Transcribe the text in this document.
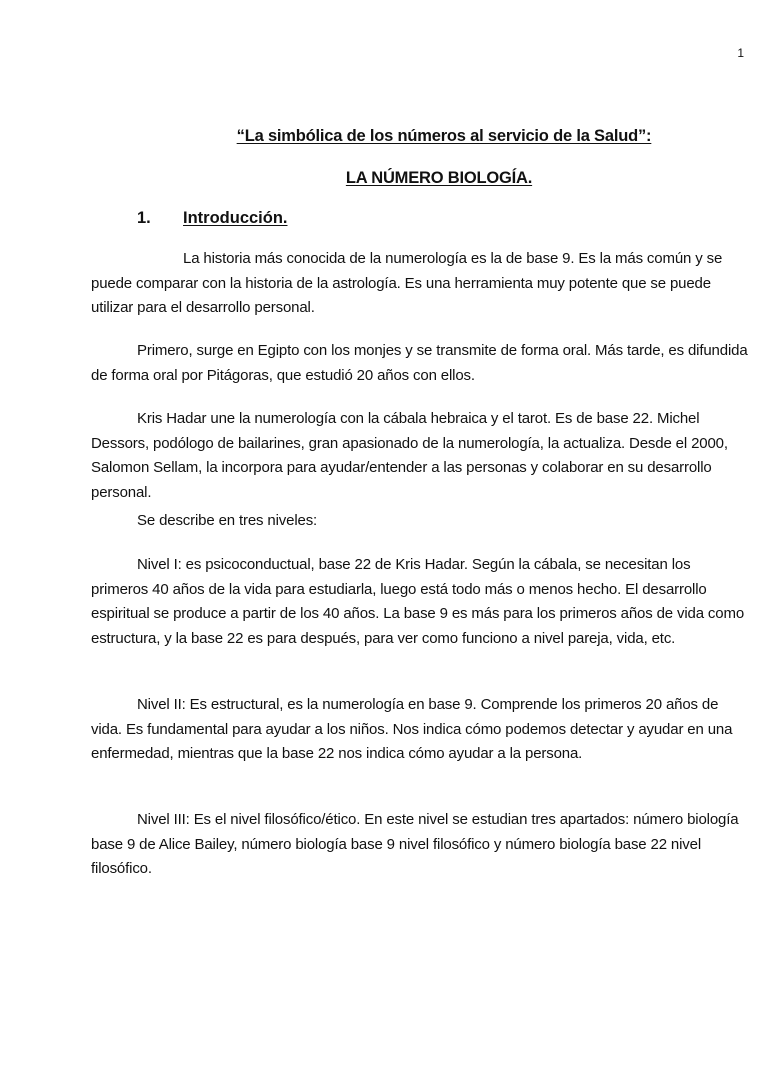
1
“La simbólica de los números al servicio de la Salud”:
LA NÚMERO BIOLOGÍA.
1. Introducción.

La historia más conocida de la numerología es la de base 9. Es la más común y se puede comparar con la historia de la astrología. Es una herramienta muy potente que se puede utilizar para el desarrollo personal.

Primero, surge en Egipto con los monjes y se transmite de forma oral. Más tarde, es difundida de forma oral por Pitágoras, que estudió 20 años con ellos.

Kris Hadar une la numerología con la cábala hebraica y el tarot. Es de base 22. Michel Dessors, podólogo de bailarines, gran apasionado de la numerología, la actualiza. Desde el 2000, Salomon Sellam, la incorpora para ayudar/entender a las personas y colaborar en su desarrollo personal.

Se describe en tres niveles:

Nivel I: es psicoconductual, base 22 de Kris Hadar. Según la cábala, se necesitan los primeros 40 años de la vida para estudiarla, luego está todo más o menos hecho. El desarrollo espiritual se produce a partir de los 40 años. La base 9 es más para los primeros años de vida como estructura, y la base 22 es para después, para ver como funciono a nivel pareja, vida, etc.

Nivel II: Es estructural, es la numerología en base 9. Comprende los primeros 20 años de vida. Es fundamental para ayudar a los niños. Nos indica cómo podemos detectar y ayudar en una enfermedad, mientras que la base 22 nos indica cómo ayudar a la persona.

Nivel III: Es el nivel filosófico/ético. En este nivel se estudian tres apartados: número biología base 9 de Alice Bailey, número biología base 9 nivel filosófico y número biología base 22 nivel filosófico.
